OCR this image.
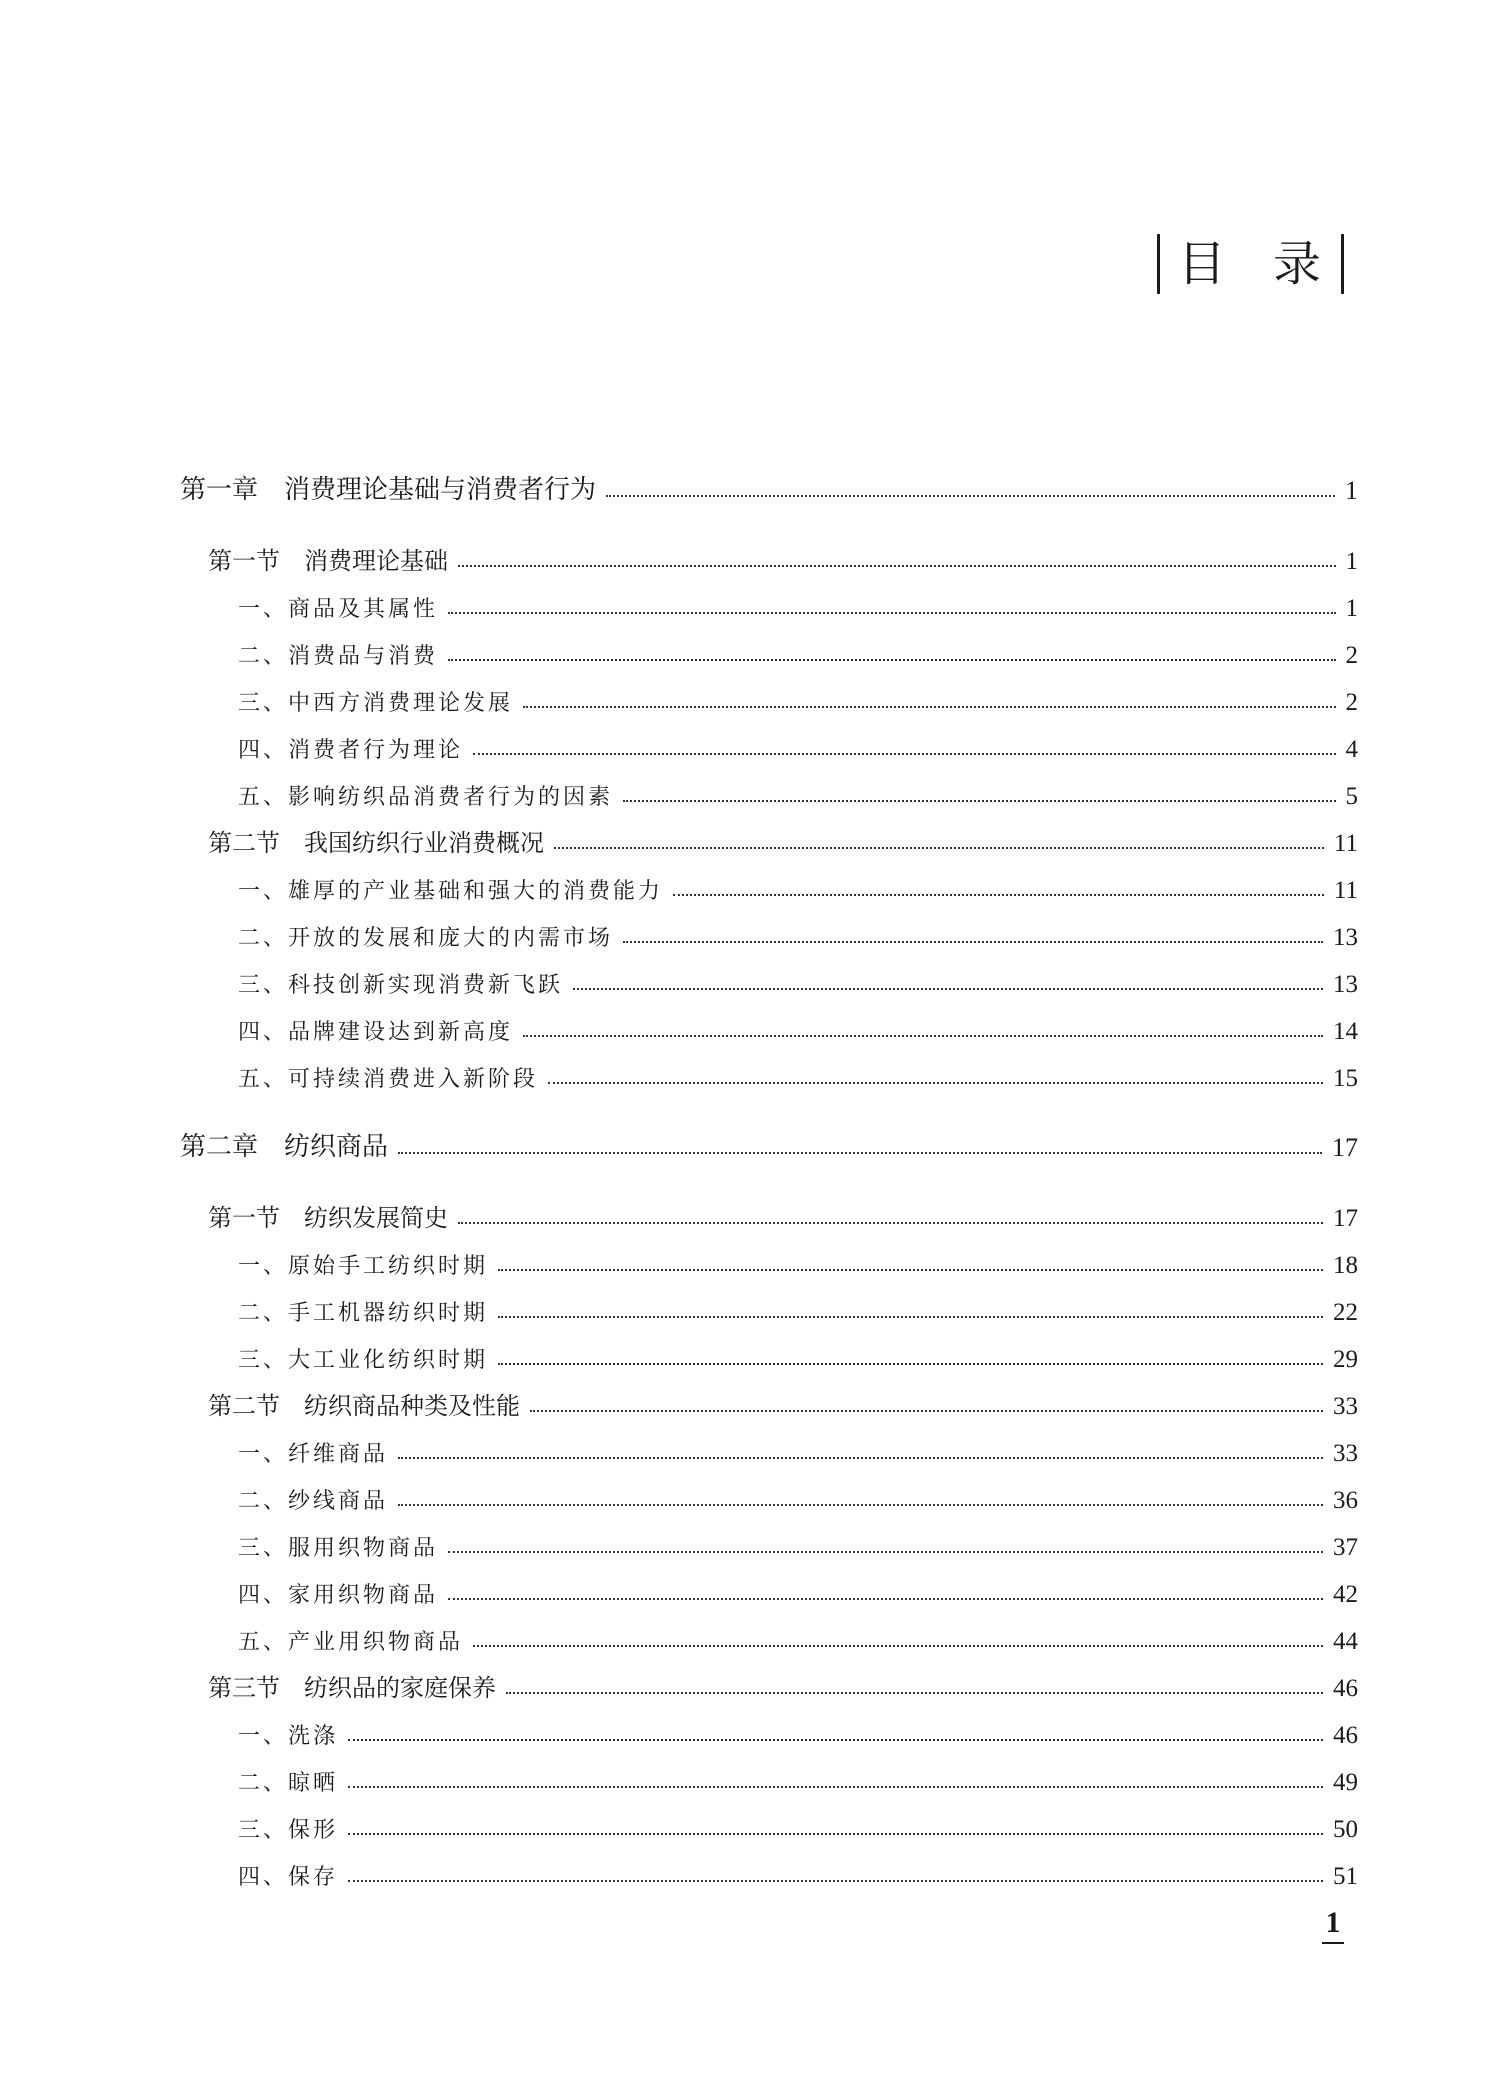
目 录
第一章　消费理论基础与消费者行为	1
第一节　消费理论基础	1
一、商品及其属性	1
二、消费品与消费	2
三、中西方消费理论发展	2
四、消费者行为理论	4
五、影响纺织品消费者行为的因素	5
第二节　我国纺织行业消费概况	11
一、雄厚的产业基础和强大的消费能力	11
二、开放的发展和庞大的内需市场	13
三、科技创新实现消费新飞跃	13
四、品牌建设达到新高度	14
五、可持续消费进入新阶段	15
第二章　纺织商品	17
第一节　纺织发展简史	17
一、原始手工纺织时期	18
二、手工机器纺织时期	22
三、大工业化纺织时期	29
第二节　纺织商品种类及性能	33
一、纤维商品	33
二、纱线商品	36
三、服用织物商品	37
四、家用织物商品	42
五、产业用织物商品	44
第三节　纺织品的家庭保养	46
一、洗涤	46
二、晾晒	49
三、保形	50
四、保存	51
1
